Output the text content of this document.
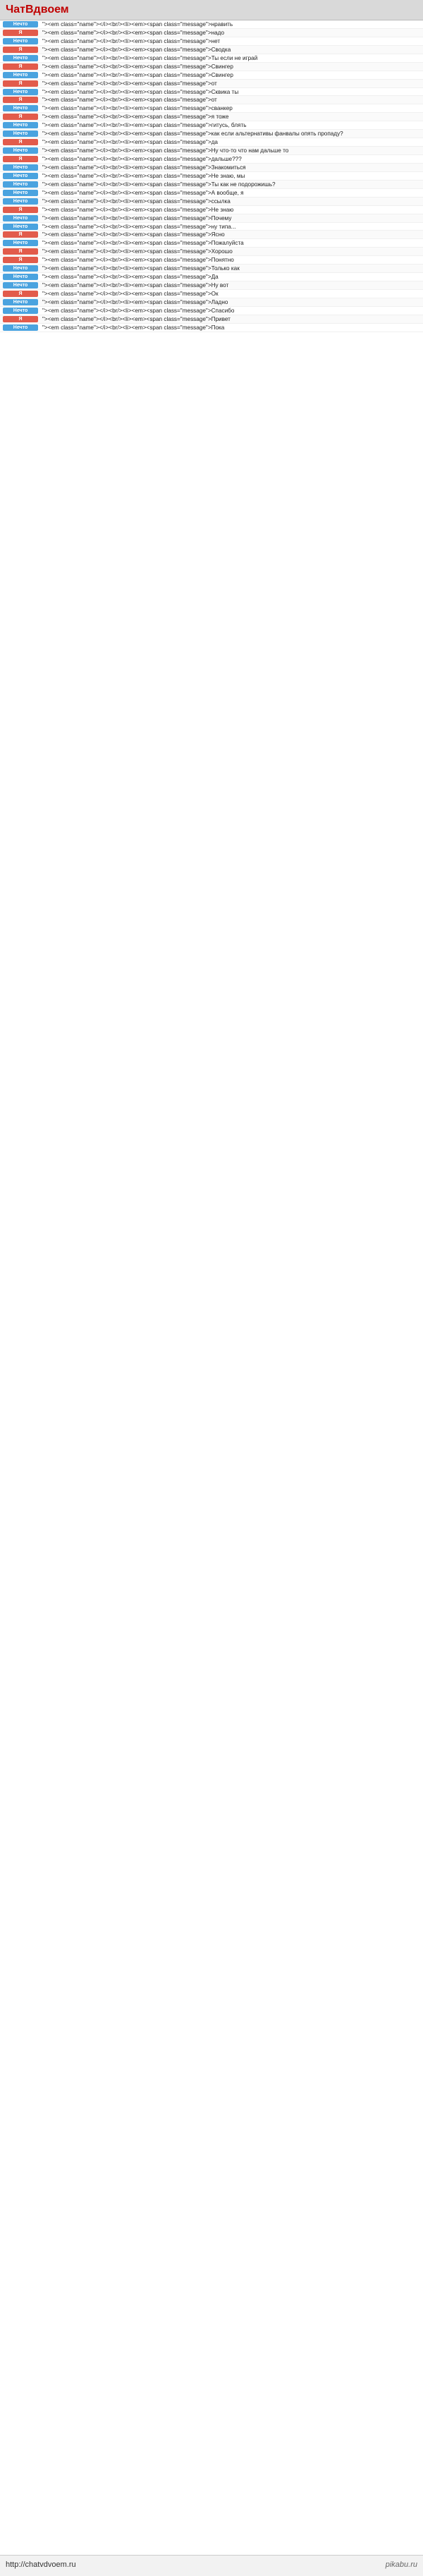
ЧатВдвоем
Нечто	"><em class="name"></i><br/><li><em><span class="message">нравить
Я	"><em class="name"></i><br/><li><em><span class="message">надо
Нечто	"><em class="name"></i><br/><li><em><span class="message">нет
Я	"><em class="name"></i><br/><li><em><span class="message">Сводка
Нечто	"><em class="name"></i><br/><li><em><span class="message">Ты если не играй
Я	"><em class="name"></i><br/><li><em><span class="message">Свингер
Нечто	"><em class="name"></i><br/><li><em><span class="message">Свингер
Я	"><em class="name"></i><br/><li><em><span class="message">от
Нечто	"><em class="name"></i><br/><li><em><span class="message">Сквика ты
Я	"><em class="name"></i><br/><li><em><span class="message">от
Нечто	"><em class="name"></i><br/><li><em><span class="message">сванкер
Я	"><em class="name"></i><br/><li><em><span class="message">я тоже
Нечто	"><em class="name"></i><br/><li><em><span class="message">гитусь, блять
Нечто	"><em class="name"></i><br/><li><em><span class="message">как если альтернативы фанвалы опять пропаду?
Я	"><em class="name"></i><br/><li><em><span class="message">да
Нечто	"><em class="name"></i><br/><li><em><span class="message">Ну что-то что нам дальше то
Я	"><em class="name"></i><br/><li><em><span class="message">дальше???
Нечто	"><em class="name"></i><br/><li><em><span class="message">Знакомиться
Нечто	"><em class="name"></i><br/><li><em><span class="message">Не знаю, мы
Нечто	"><em class="name"></i><br/><li><em><span class="message">Ты как не подорожишь?
Нечто	"><em class="name"></i><br/><li><em><span class="message">А вообще, я
Нечто	"><em class="name"></i><br/><li><em><span class="message">ссылка
Я	"><em class="name"></i><br/><li><em><span class="message">Не знаю
Нечто	"><em class="name"></i><br/><li><em><span class="message">Почему
Нечто	"><em class="name"></i><br/><li><em><span class="message">ну типа...
Я	"><em class="name"></i><br/><li><em><span class="message">Ясно
Нечто	"><em class="name"></i><br/><li><em><span class="message">Пожалуйста
Я	"><em class="name"></i><br/><li><em><span class="message">Хорошо
Я	"><em class="name"></i><br/><li><em><span class="message">Понятно
Нечто	"><em class="name"></i><br/><li><em><span class="message">Только как
Нечто	"><em class="name"></i><br/><li><em><span class="message">Да
Нечто	"><em class="name"></i><br/><li><em><span class="message">Ну вот
Я	"><em class="name"></i><br/><li><em><span class="message">Ок
Нечто	"><em class="name"></i><br/><li><em><span class="message">Ладно
Нечто	"><em class="name"></i><br/><li><em><span class="message">Спасибо
Я	"><em class="name"></i><br/><li><em><span class="message">Привет
Нечто	"><em class="name"></i><br/><li><em><span class="message">Пока
http://chatvdvoem.ru	pikabu.ru
